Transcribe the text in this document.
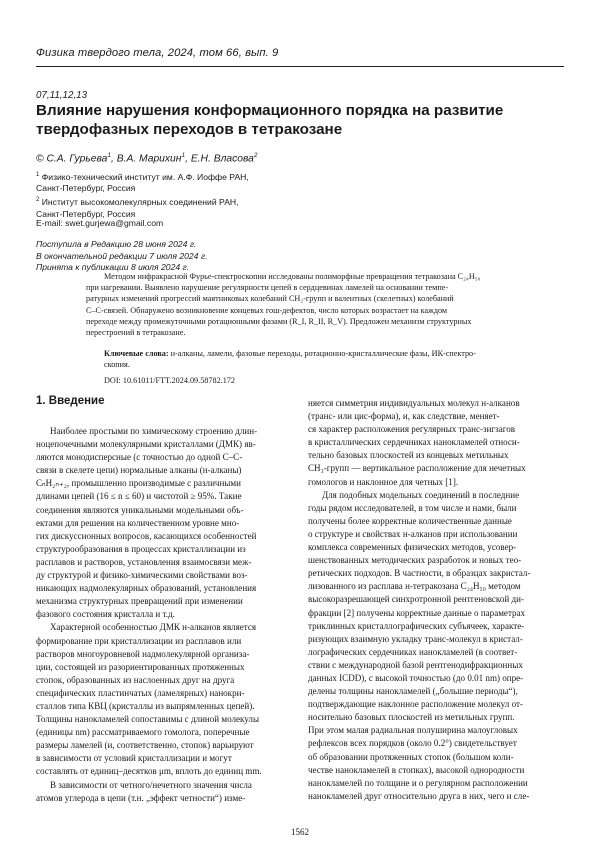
Физика твердого тела, 2024, том 66, вып. 9
07,11,12,13
Влияние нарушения конформационного порядка на развитие
твердофазных переходов в тетракозане
© С.А. Гурьева$^1$, В.А. Марихин$^1$, Е.Н. Власова$^2$
$^1$ Физико-технический институт им. А.Ф. Иоффе РАН,
Санкт-Петербург, Россия
$^2$ Институт высокомолекулярных соединений РАН,
Санкт-Петербург, Россия
E-mail: swet.gurjewa@gmail.com
Поступила в Редакцию 28 июня 2024 г.
В окончательной редакции 7 июля 2024 г.
Принята к публикации 8 июля 2024 г.
Методом инфракрасной Фурье-спектроскопии исследованы полиморфные превращения тетракозана C₂₄H₅₀
при нагревании. Выявлено нарушение регулярности цепей в сердцевинах ламелей на основании темпе-
ратурных изменений прогрессий маятниковых колебаний CH₂-групп и валентных (скелетных) колебаний
C–C-связей. Обнаружено возникновение концевых гош-дефектов, число которых возрастает на каждом
переходе между промежуточными ротационными фазами (R_I, R_II, R_V). Предложен механизм структурных
перестроений в тетракозане.
Ключевые слова: н-алканы, ламели, фазовые переходы, ротационно-кристаллические фазы, ИК-спектро-
скопия.
DOI: 10.61011/FTT.2024.09.58782.172
1. Введение
Наиболее простыми по химическому строению длин-
ноцепочечными молекулярными кристаллами (ДМК) яв-
ляются монодисперсные (с точностью до одной C–C-
связи в скелете цепи) нормальные алканы (н-алканы)
CₙH₂ₙ₊₂, промышленно производимые с различными
длинами цепей (16 ≤ n ≤ 60) и чистотой ≥ 95%. Такие
соединения являются уникальными модельными объ-
ектами для решения на количественном уровне мно-
гих дискуссионных вопросов, касающихся особенностей
структурообразования в процессах кристаллизации из
расплавов и растворов, установления взаимосвязи меж-
ду структурой и физико-химическими свойствами воз-
никающих надмолекулярных образований, установления
механизма структурных превращений при изменении
фазового состояния кристалла и т.д.
Характерной особенностью ДМК н-алканов является
формирование при кристаллизации из расплавов или
растворов многоуровневой надмолекулярной организа-
ции, состоящей из разориентированных протяженных
стопок, образованных из наслоенных друг на друга
специфических пластинчатых (ламелярных) нанокри-
сталлов типа КВЦ (кристаллы из выпрямленных цепей).
Толщины нанокламелей сопоставимы с длиной молекулы
(единицы nm) рассматриваемого гомолога, поперечные
размеры ламелей (и, соответственно, стопок) варьируют
в зависимости от условий кристаллизации и могут
составлять от единиц–десятков μm, вплоть до единиц mm.
В зависимости от четного/нечетного значения числа
атомов углерода в цепи (т.н. „эффект четности“) изме-
няется симметрия индивидуальных молекул н-алканов
(транс- или цис-форма), и, как следствие, меняет-
ся характер расположения регулярных транс-зигзагов
в кристаллических сердечниках нанокламелей относи-
тельно базовых плоскостей из концевых метильных
CH₃-групп — вертикальное расположение для нечетных
гомологов и наклонное для четных [1].
Для подобных модельных соединений в последние
годы рядом исследователей, в том числе и нами, были
получены более корректные количественные данные
о структуре и свойствах н-алканов при использовании
комплекса современных физических методов, усовер-
шенствованных методических разработок и новых тео-
ретических подходов. В частности, в образцах закристал-
лизованного из расплава н-тетракозана C₂₄H₅₀ методом
высокоразрешающей синхротронной рентгеновской ди-
фракции [2] получены корректные данные о параметрах
триклинных кристаллографических субъячеек, характе-
ризующих взаимную укладку транс-молекул в кристал-
лографических сердечниках нанокламелей (в соответ-
ствии с международной базой рентгенодифракционных
данных ICDD), с высокой точностью (до 0.01 nm) опре-
делены толщины нанокламелей („большие периоды“),
подтверждающие наклонное расположение молекул от-
носительно базовых плоскостей из метильных групп.
При этом малая радиальная полуширина малоугловых
рефлексов всех порядков (около 0.2°) свидетельствует
об образовании протяженных стопок (большом коли-
честве нанокламелей в стопках), высокой однородности
нанокламелей по толщине и о регулярном расположении
нанокламелей друг относительно друга в них, чего и сле-
1562
